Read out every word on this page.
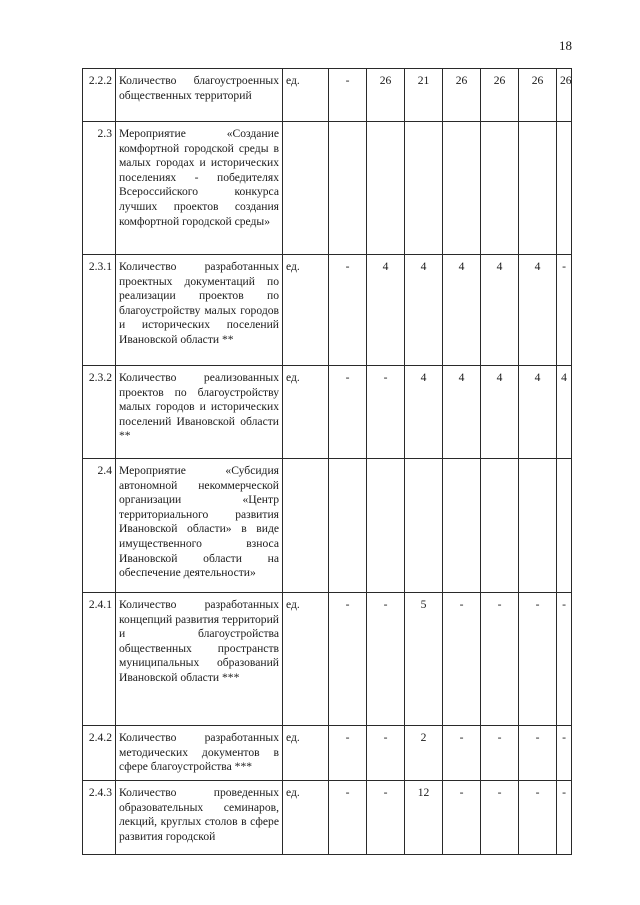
18
2.2.2	Количество благоустроенных общественных территорий	ед.	-	26	21	26	26	26	26
2.3	Мероприятие «Создание комфортной городской среды в малых городах и исторических поселениях - победителях Всероссийского конкурса лучших проектов создания комфортной городской среды»								
2.3.1	Количество разработанных проектных документаций по реализации проектов по благоустройству малых городов и исторических поселений Ивановской области **	ед.	-	4	4	4	4	4	-
2.3.2	Количество реализованных проектов по благоустройству малых городов и исторических поселений Ивановской области **	ед.	-	-	4	4	4	4	4
2.4	Мероприятие «Субсидия автономной некоммерческой организации «Центр территориального развития Ивановской области» в виде имущественного взноса Ивановской области на обеспечение деятельности»								
2.4.1	Количество разработанных концепций развития территорий и благоустройства общественных пространств муниципальных образований Ивановской области ***	ед.	-	-	5	-	-	-	-
2.4.2	Количество разработанных методических документов в сфере благоустройства ***	ед.	-	-	2	-	-	-	-
2.4.3	Количество проведенных образовательных семинаров, лекций, круглых столов в сфере развития городской	ед.	-	-	12	-	-	-	-
